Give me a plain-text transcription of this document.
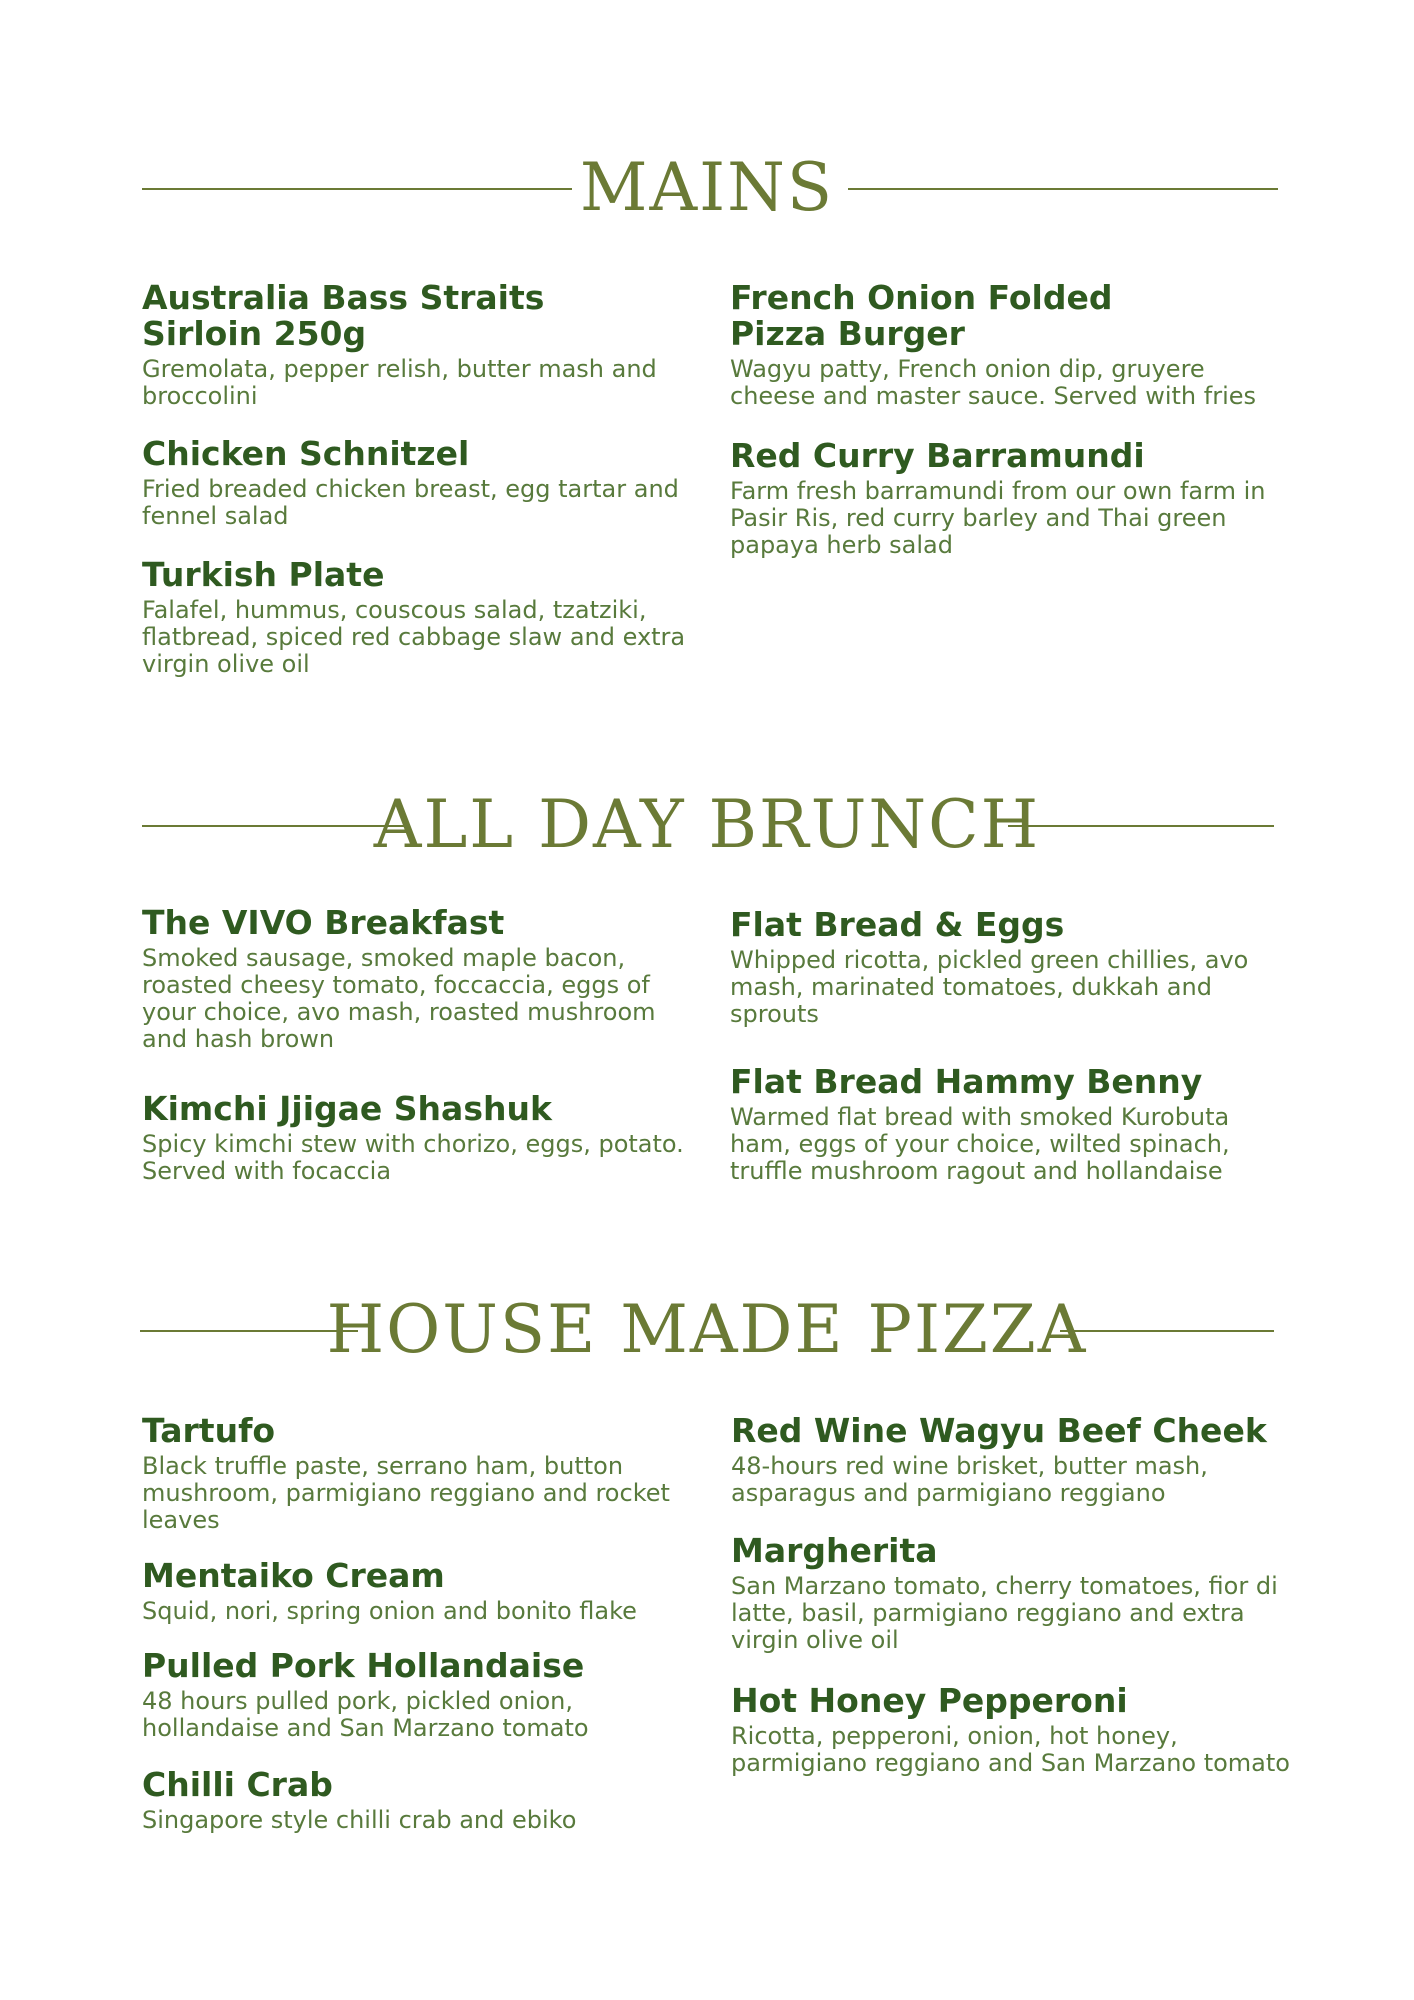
MAINS
Australia Bass Straits
Sirloin 250g

Gremolata, pepper relish, butter mash and broccolini

Chicken Schnitzel

Fried breaded chicken breast, egg tartar and fennel salad

Turkish Plate

Falafel, hummus, couscous salad, tzatziki, flatbread, spiced red cabbage slaw and extra virgin olive oil

French Onion Folded
Pizza Burger

Wagyu patty, French onion dip, gruyere cheese and master sauce. Served with fries

Red Curry Barramundi

Farm fresh barramundi from our own farm in Pasir Ris, red curry barley and Thai green papaya herb salad

ALL DAY BRUNCH
The VIVO Breakfast

Smoked sausage, smoked maple bacon, roasted cheesy tomato, foccaccia, eggs of your choice, avo mash, roasted mushroom and hash brown

Kimchi Jjigae Shashuk

Spicy kimchi stew with chorizo, eggs, potato. Served with focaccia

Flat Bread & Eggs

Whipped ricotta, pickled green chillies, avo mash, marinated tomatoes, dukkah and sprouts

Flat Bread Hammy Benny

Warmed flat bread with smoked Kurobuta ham, eggs of your choice, wilted spinach, truffle mushroom ragout and hollandaise

HOUSE MADE PIZZA
Tartufo

Black truffle paste, serrano ham, button mushroom, parmigiano reggiano and rocket leaves

Mentaiko Cream

Squid, nori, spring onion and bonito flake

Pulled Pork Hollandaise

48 hours pulled pork, pickled onion, hollandaise and San Marzano tomato

Chilli Crab

Singapore style chilli crab and ebiko

Red Wine Wagyu Beef Cheek

48-hours red wine brisket, butter mash, asparagus and parmigiano reggiano

Margherita

San Marzano tomato, cherry tomatoes, fior di latte, basil, parmigiano reggiano and extra virgin olive oil

Hot Honey Pepperoni

Ricotta, pepperoni, onion, hot honey, parmigiano reggiano and San Marzano tomato
